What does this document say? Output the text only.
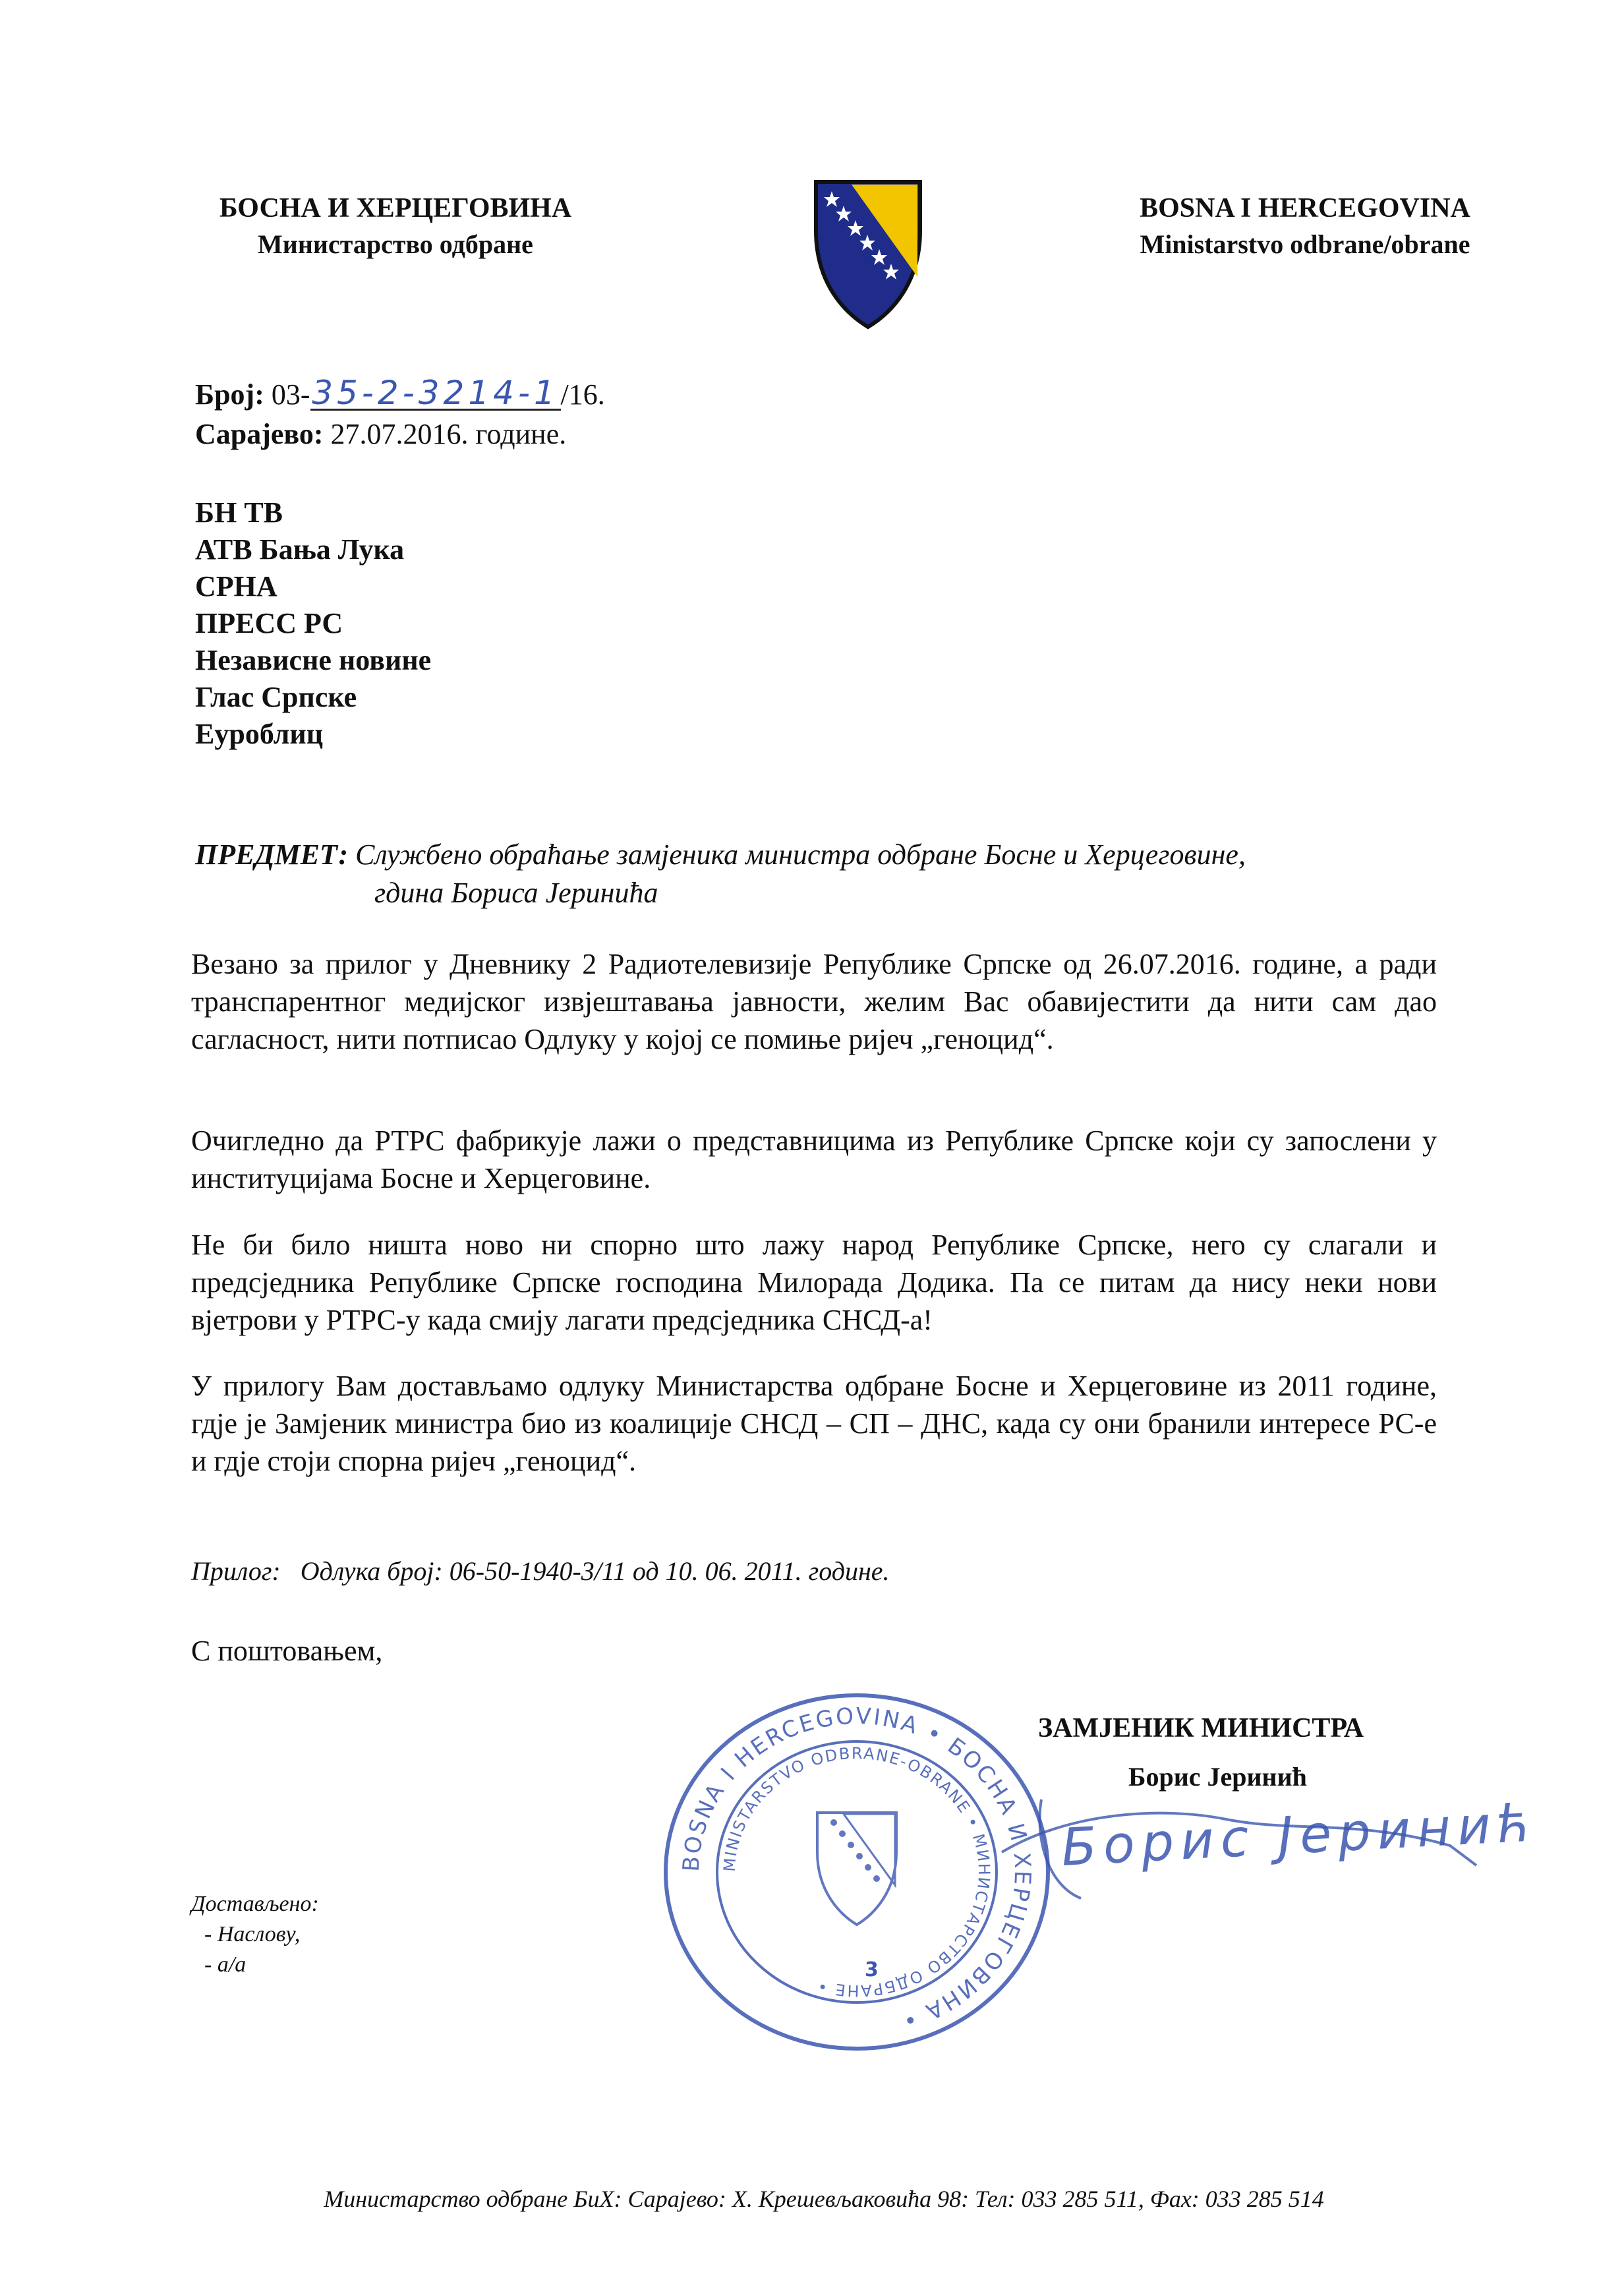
БОСНА И ХЕРЦЕГОВИНА
Министарство одбране
BOSNA I HERCEGOVINA
Ministarstvo odbrane/obrane
Број: 03-35-2-3214-1/16.
Сарајево: 27.07.2016. године.
БН ТВ
АТВ Бања Лука
СРНА
ПРЕСС РС
Независне новине
Глас Српске
Еуроблиц
ПРЕДМЕТ: Службено обраћање замјеника министра одбране Босне и Херцеговине,
гдина Бориса Јеринића
Везано за прилог у Дневнику 2 Радиотелевизије Републике Српске од 26.07.2016. године, а ради транспарентног медијског извјештавања јавности, желим Вас обавијестити да нити сам дао сагласност, нити потписао Одлуку у којој се помиње ријеч „геноцид“.
Очигледно да РТРС фабрикује лажи о представницима из Републике Српске који су запослени у институцијама Босне и Херцеговине.
Не би било ништа ново ни спорно што лажу народ Републике Српске, него су слагали и предсједника Републике Српске господина Милорада Додика. Па се питам да нису неки нови вјетрови у РТРС-у када смију лагати предсједника СНСД-а!
У прилогу Вам достављамо одлуку Министарства одбране Босне и Херцеговине из 2011 године, гдје је Замјеник министра био из коалиције СНСД – СП – ДНС, када су они бранили интересе РС-е и гдје стоји спорна ријеч „геноцид“.
Прилог: Одлука број: 06-50-1940-3/11 од 10. 06. 2011. године.
С поштовањем,
BOSNA I HERCEGOVINA • БОСНА И ХЕРЦЕГОВИНА •
MINISTARSTVO ODBRANE-OBRANE • МИНИСТАРСТВО ОДБРАНЕ •
3
ЗАМЈЕНИК МИНИСТРА
Борис Јеринић
Борис Јеринић
Достављено:
- Наслову,
- а/а
Министарство одбране БиХ: Сарајево: Х. Крешевљаковића 98: Тел: 033 285 511, Фах: 033 285 514
